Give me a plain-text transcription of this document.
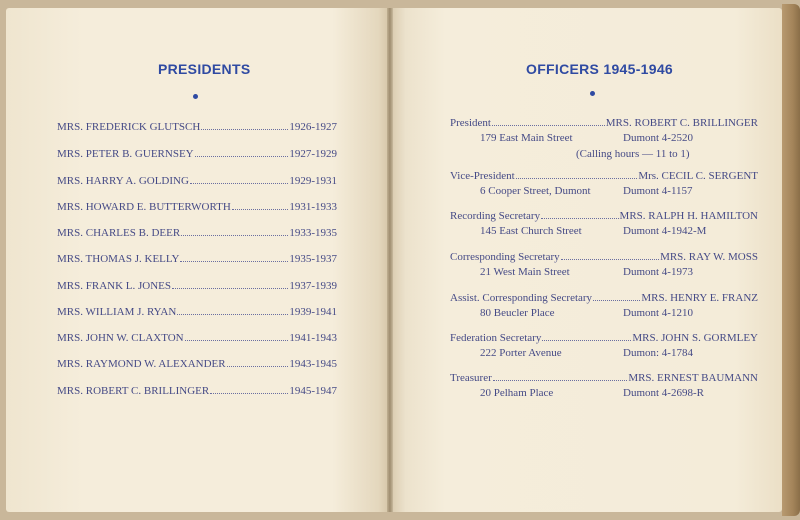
PRESIDENTS
MRS. FREDERICK GLUTSCH	1926-1927
MRS. PETER B. GUERNSEY	1927-1929
MRS. HARRY A. GOLDING	1929-1931
MRS. HOWARD E. BUTTERWORTH	1931-1933
MRS. CHARLES B. DEER	1933-1935
MRS. THOMAS J. KELLY	1935-1937
MRS. FRANK L. JONES	1937-1939
MRS. WILLIAM J. RYAN	1939-1941
MRS. JOHN W. CLAXTON	1941-1943
MRS. RAYMOND W. ALEXANDER	1943-1945
MRS. ROBERT C. BRILLINGER	1945-1947
OFFICERS 1945-1946
President	MRS. ROBERT C. BRILLINGER
179 East Main Street	Dumont 4-2520
(Calling hours — 11 to 1)
Vice-President	Mrs. CECIL C. SERGENT
6 Cooper Street, Dumont	Dumont 4-1157
Recording Secretary	MRS. RALPH H. HAMILTON
145 East Church Street	Dumont 4-1942-M
Corresponding Secretary	MRS. RAY W. MOSS
21 West Main Street	Dumont 4-1973
Assist. Corresponding Secretary	MRS. HENRY E. FRANZ
80 Beucler Place	Dumont 4-1210
Federation Secretary	MRS. JOHN S. GORMLEY
222 Porter Avenue	Dumon: 4-1784
Treasurer	MRS. ERNEST BAUMANN
20 Pelham Place	Dumont 4-2698-R
